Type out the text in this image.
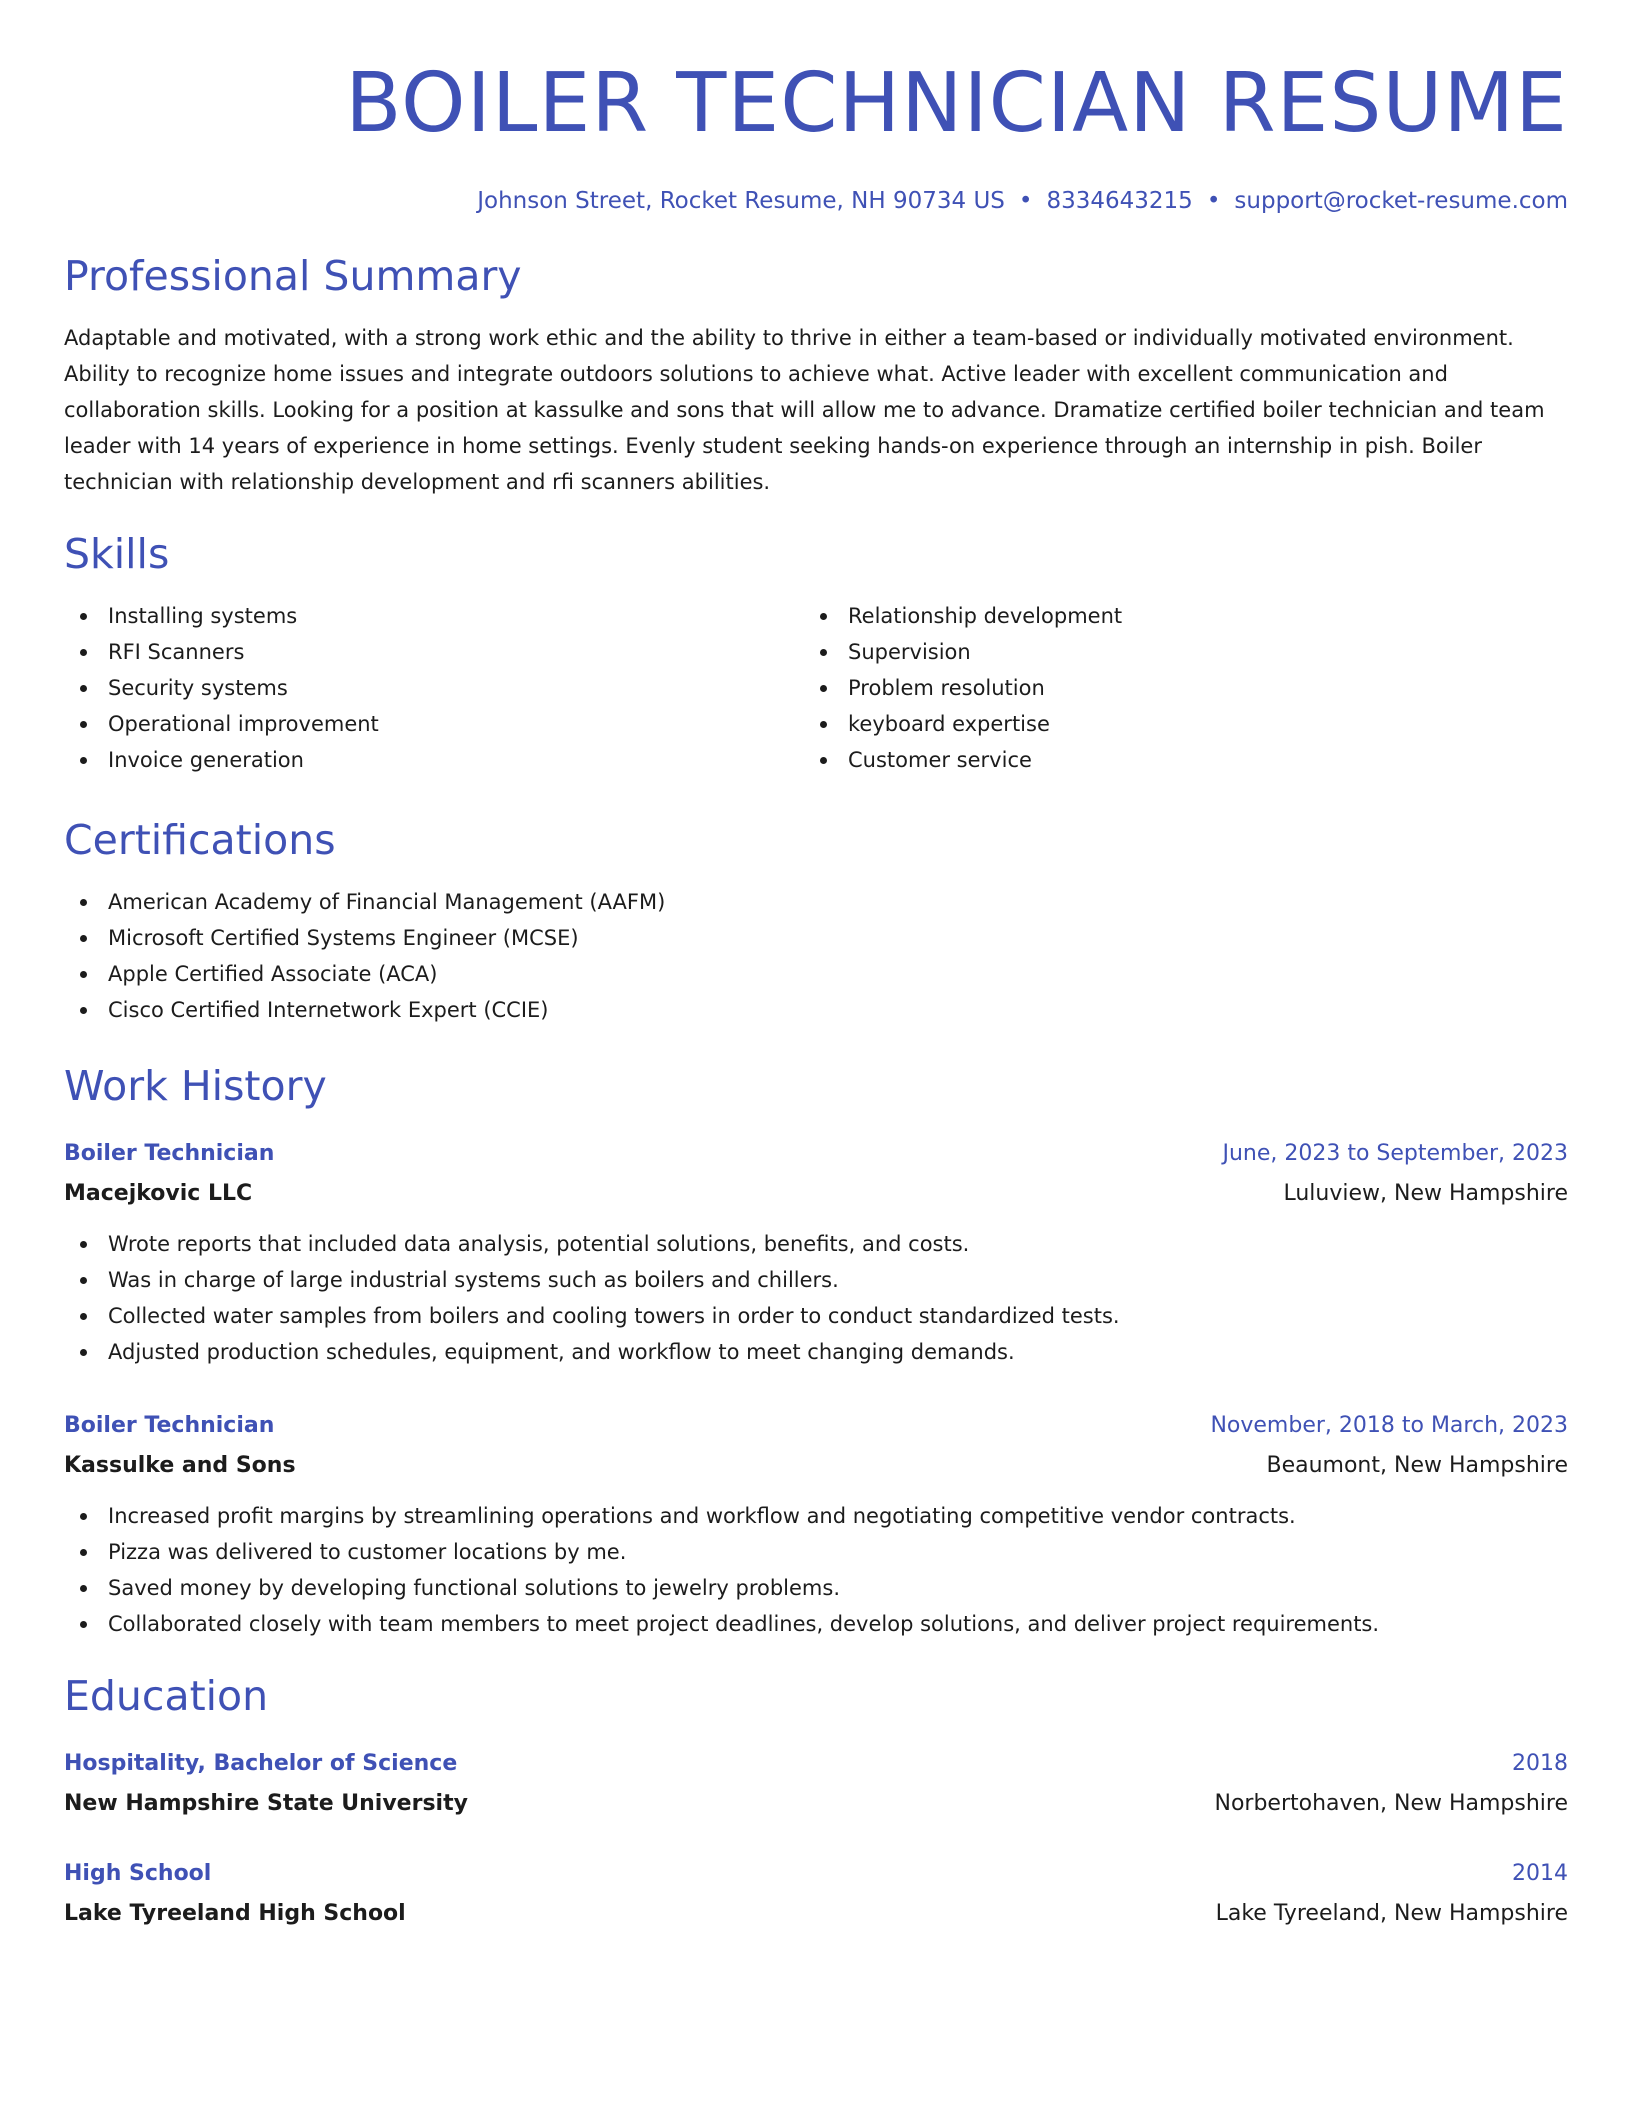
BOILER TECHNICIAN RESUME
Johnson Street, Rocket Resume, NH 90734 US • 8334643215 • support@rocket-resume.com
Professional Summary

Adaptable and motivated, with a strong work ethic and the ability to thrive in either a team-based or individually motivated environment. Ability to recognize home issues and integrate outdoors solutions to achieve what. Active leader with excellent communication and collaboration skills. Looking for a position at kassulke and sons that will allow me to advance. Dramatize certified boiler technician and team leader with 14 years of experience in home settings. Evenly student seeking hands-on experience through an internship in pish. Boiler technician with relationship development and rfi scanners abilities.

Skills
Installing systems
RFI Scanners
Security systems
Operational improvement
Invoice generation
Relationship development
Supervision
Problem resolution
keyboard expertise
Customer service
Certifications
American Academy of Financial Management (AAFM)
Microsoft Certified Systems Engineer (MCSE)
Apple Certified Associate (ACA)
Cisco Certified Internetwork Expert (CCIE)
Work History
Boiler Technician	June, 2023 to September, 2023
Macejkovic LLC	Luluview, New Hampshire
Wrote reports that included data analysis, potential solutions, benefits, and costs.
Was in charge of large industrial systems such as boilers and chillers.
Collected water samples from boilers and cooling towers in order to conduct standardized tests.
Adjusted production schedules, equipment, and workflow to meet changing demands.
Boiler Technician	November, 2018 to March, 2023
Kassulke and Sons	Beaumont, New Hampshire
Increased profit margins by streamlining operations and workflow and negotiating competitive vendor contracts.
Pizza was delivered to customer locations by me.
Saved money by developing functional solutions to jewelry problems.
Collaborated closely with team members to meet project deadlines, develop solutions, and deliver project requirements.
Education
Hospitality, Bachelor of Science	2018
New Hampshire State University	Norbertohaven, New Hampshire
High School	2014
Lake Tyreeland High School	Lake Tyreeland, New Hampshire
